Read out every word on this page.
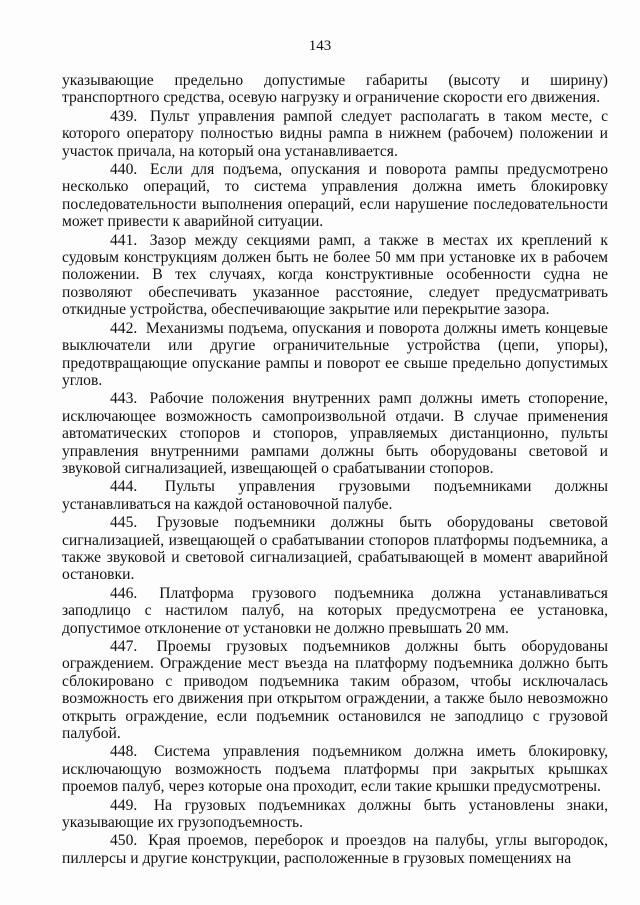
143

указывающие предельно допустимые габариты (высоту и ширину) транспортного средства, осевую нагрузку и ограничение скорости его движения.

439. Пульт управления рампой следует располагать в таком месте, с которого оператору полностью видны рампа в нижнем (рабочем) положении и участок причала, на который она устанавливается.

440. Если для подъема, опускания и поворота рампы предусмотрено несколько операций, то система управления должна иметь блокировку последовательности выполнения операций, если нарушение последовательности может привести к аварийной ситуации.

441. Зазор между секциями рамп, а также в местах их креплений к судовым конструкциям должен быть не более 50 мм при установке их в рабочем положении. В тех случаях, когда конструктивные особенности судна не позволяют обеспечивать указанное расстояние, следует предусматривать откидные устройства, обеспечивающие закрытие или перекрытие зазора.

442. Механизмы подъема, опускания и поворота должны иметь концевые выключатели или другие ограничительные устройства (цепи, упоры), предотвращающие опускание рампы и поворот ее свыше предельно допустимых углов.

443. Рабочие положения внутренних рамп должны иметь стопорение, исключающее возможность самопроизвольной отдачи. В случае применения автоматических стопоров и стопоров, управляемых дистанционно, пульты управления внутренними рампами должны быть оборудованы световой и звуковой сигнализацией, извещающей о срабатывании стопоров.

444. Пульты управления грузовыми подъемниками должны устанавливаться на каждой остановочной палубе.

445. Грузовые подъемники должны быть оборудованы световой сигнализацией, извещающей о срабатывании стопоров платформы подъемника, а также звуковой и световой сигнализацией, срабатывающей в момент аварийной остановки.

446. Платформа грузового подъемника должна устанавливаться заподлицо с настилом палуб, на которых предусмотрена ее установка, допустимое отклонение от установки не должно превышать 20 мм.

447. Проемы грузовых подъемников должны быть оборудованы ограждением. Ограждение мест въезда на платформу подъемника должно быть сблокировано с приводом подъемника таким образом, чтобы исключалась возможность его движения при открытом ограждении, а также было невозможно открыть ограждение, если подъемник остановился не заподлицо с грузовой палубой.

448. Система управления подъемником должна иметь блокировку, исключающую возможность подъема платформы при закрытых крышках проемов палуб, через которые она проходит, если такие крышки предусмотрены.

449. На грузовых подъемниках должны быть установлены знаки, указывающие их грузоподъемность.

450. Края проемов, переборок и проездов на палубы, углы выгородок, пиллерсы и другие конструкции, расположенные в грузовых помещениях на
